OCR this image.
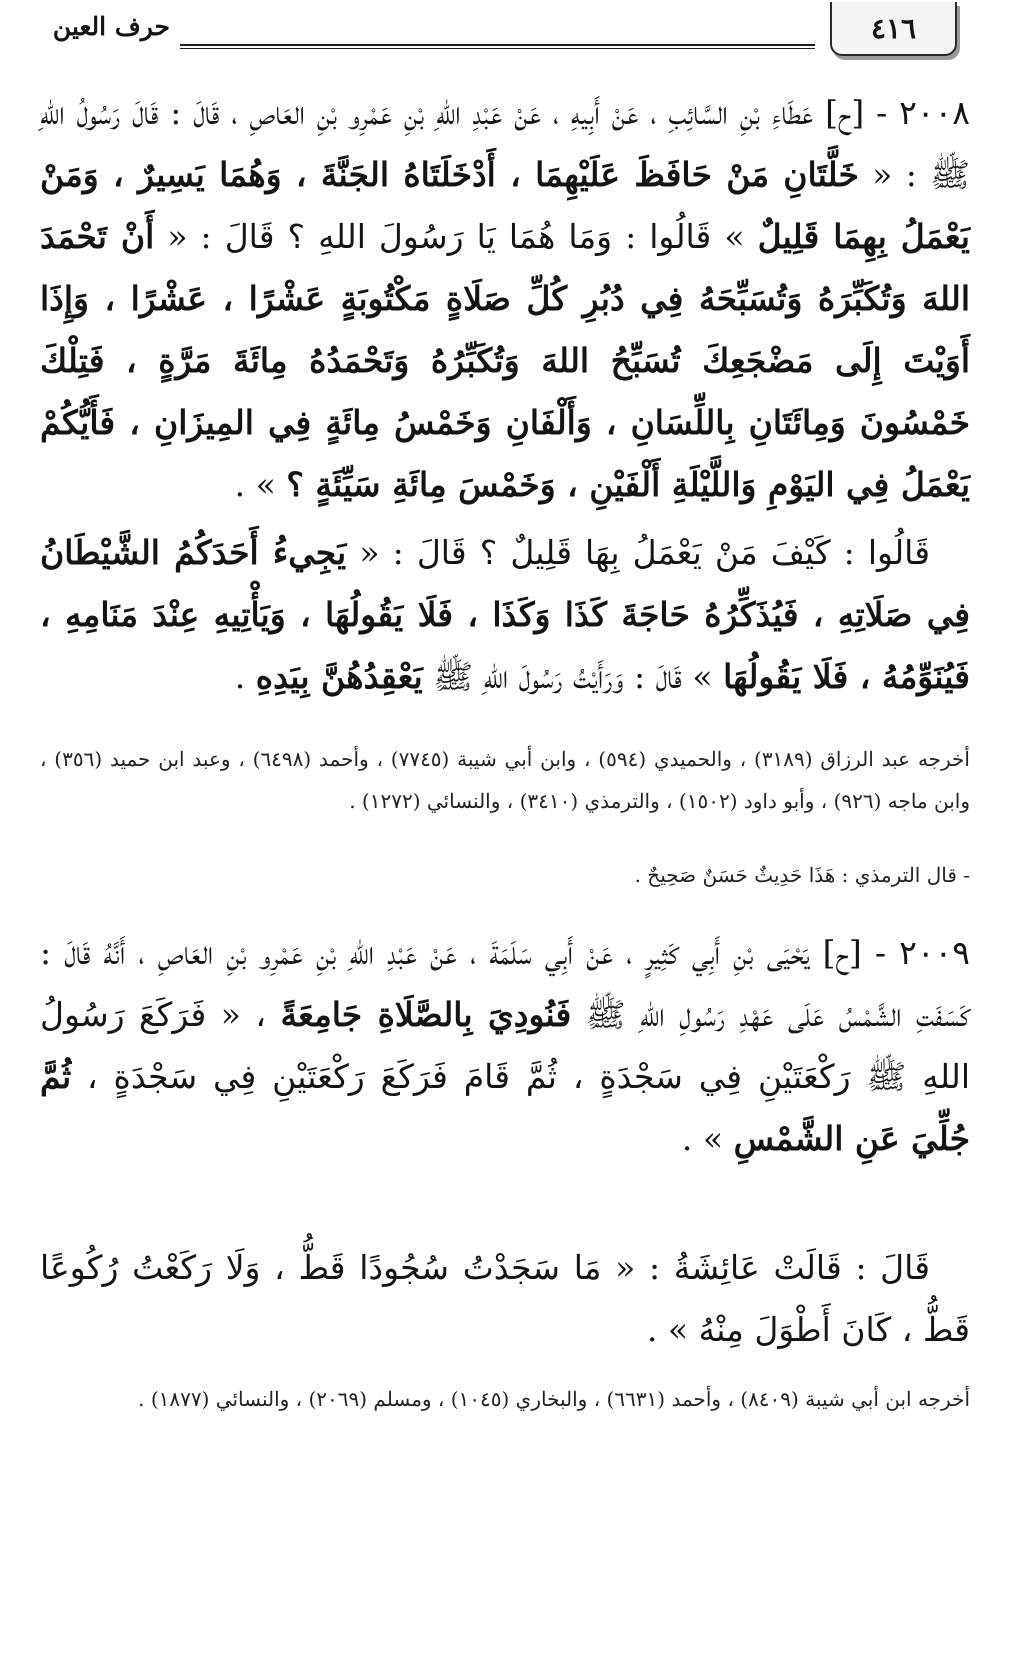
٤١٦
حرف العين
٢٠٠٨ - [ح] عَطَاءِ بْنِ السَّائِبِ ، عَنْ أَبِيهِ ، عَنْ عَبْدِ اللهِ بْنِ عَمْرِو بْنِ العَاصِ ، قَالَ : قَالَ رَسُولُ اللهِ ﷺ : « خَلَّتَانِ مَنْ حَافَظَ عَلَيْهِمَا ، أَدْخَلَتَاهُ الجَنَّةَ ، وَهُمَا يَسِيرٌ ، وَمَنْ يَعْمَلُ بِهِمَا قَلِيلٌ » قَالُوا : وَمَا هُمَا يَا رَسُولَ اللهِ ؟ قَالَ : « أَنْ تَحْمَدَ اللهَ وَتُكَبِّرَهُ وَتُسَبِّحَهُ فِي دُبُرِ كُلِّ صَلَاةٍ مَكْتُوبَةٍ عَشْرًا ، عَشْرًا ، وَإِذَا أَوَيْتَ إِلَى مَضْجَعِكَ تُسَبِّحُ اللهَ وَتُكَبِّرُهُ وَتَحْمَدُهُ مِائَةَ مَرَّةٍ ، فَتِلْكَ خَمْسُونَ وَمِائَتَانِ بِاللِّسَانِ ، وَأَلْفَانِ وَخَمْسُ مِائَةٍ فِي المِيزَانِ ، فَأَيُّكُمْ يَعْمَلُ فِي اليَوْمِ وَاللَّيْلَةِ أَلْفَيْنِ ، وَخَمْسَ مِائَةِ سَيِّئَةٍ ؟ » .
قَالُوا : كَيْفَ مَنْ يَعْمَلُ بِهَا قَلِيلٌ ؟ قَالَ : « يَجِيءُ أَحَدَكُمُ الشَّيْطَانُ فِي صَلَاتِهِ ، فَيُذَكِّرُهُ حَاجَةَ كَذَا وَكَذَا ، فَلَا يَقُولُهَا ، وَيَأْتِيهِ عِنْدَ مَنَامِهِ ، فَيُنَوِّمُهُ ، فَلَا يَقُولُهَا » قَالَ : وَرَأَيْتُ رَسُولَ اللهِ ﷺ يَعْقِدُهُنَّ بِيَدِهِ .
أخرجه عبد الرزاق (٣١٨٩) ، والحميدي (٥٩٤) ، وابن أبي شيبة (٧٧٤٥) ، وأحمد (٦٤٩٨) ، وعبد ابن حميد (٣٥٦) ، وابن ماجه (٩٢٦) ، وأبو داود (١٥٠٢) ، والترمذي (٣٤١٠) ، والنسائي (١٢٧٢) .
- قال الترمذي : هَذَا حَدِيثٌ حَسَنٌ صَحِيحٌ .
٢٠٠٩ - [ح] يَحْيَى بْنِ أَبِي كَثِيرٍ ، عَنْ أَبِي سَلَمَةَ ، عَنْ عَبْدِ اللهِ بْنِ عَمْرِو بْنِ العَاصِ ، أَنَّهُ قَالَ : كَسَفَتِ الشَّمْسُ عَلَى عَهْدِ رَسُولِ اللهِ ﷺ فَنُودِيَ بِالصَّلَاةِ جَامِعَةً ، « فَرَكَعَ رَسُولُ اللهِ ﷺ رَكْعَتَيْنِ فِي سَجْدَةٍ ، ثُمَّ قَامَ فَرَكَعَ رَكْعَتَيْنِ فِي سَجْدَةٍ ، ثُمَّ جُلِّيَ عَنِ الشَّمْسِ » .
قَالَ : قَالَتْ عَائِشَةُ : « مَا سَجَدْتُ سُجُودًا قَطُّ ، وَلَا رَكَعْتُ رُكُوعًا قَطُّ ، كَانَ أَطْوَلَ مِنْهُ » .
أخرجه ابن أبي شيبة (٨٤٠٩) ، وأحمد (٦٦٣١) ، والبخاري (١٠٤٥) ، ومسلم (٢٠٦٩) ، والنسائي (١٨٧٧) .
